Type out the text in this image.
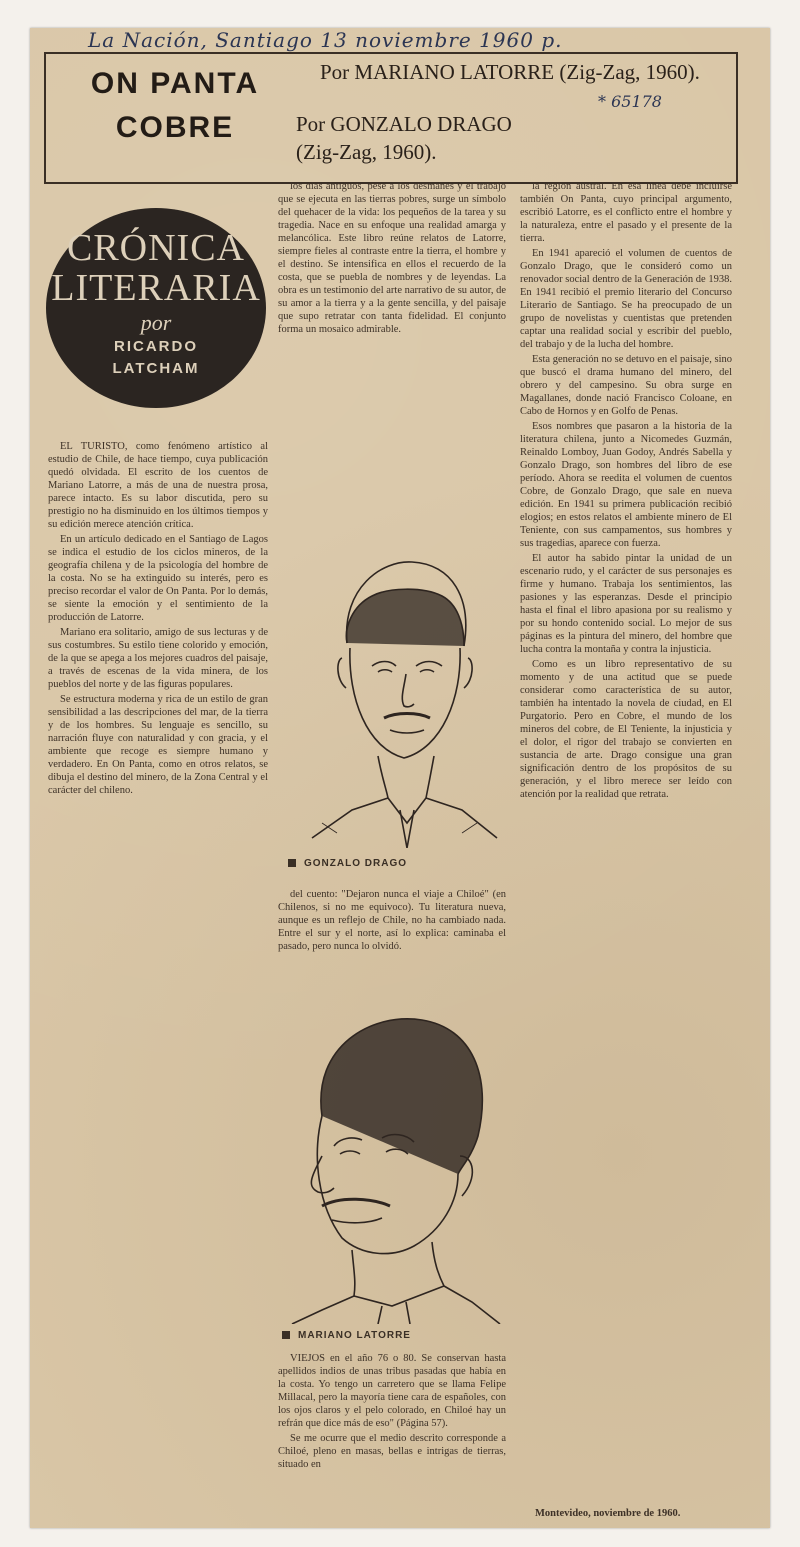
La Nación, Santiago 13 noviembre 1960 p.
* 65178
ON PANTA
COBRE
Por MARIANO LATORRE (Zig-Zag, 1960).
Por GONZALO DRAGO (Zig-Zag, 1960).
CRÓNICA
LITERARIA
por
RICARDO
LATCHAM

EL TURISTO, como fenómeno artístico al estudio de Chile, de hace tiempo, cuya publicación quedó olvidada. El escrito de los cuentos de Mariano Latorre, a más de una de nuestra prosa, parece intacto. Es su labor discutida, pero su prestigio no ha disminuido en los últimos tiempos y su edición merece atención crítica.

En un artículo dedicado en el Santiago de Lagos se indica el estudio de los ciclos mineros, de la geografía chilena y de la psicología del hombre de la costa. No se ha extinguido su interés, pero es preciso recordar el valor de On Panta. Por lo demás, se siente la emoción y el sentimiento de la producción de Latorre.

Mariano era solitario, amigo de sus lecturas y de sus costumbres. Su estilo tiene colorido y emoción, de la que se apega a los mejores cuadros del paisaje, a través de escenas de la vida minera, de los pueblos del norte y de las figuras populares.

Se estructura moderna y rica de un estilo de gran sensibilidad a las descripciones del mar, de la tierra y de los hombres. Su lenguaje es sencillo, su narración fluye con naturalidad y con gracia, y el ambiente que recoge es siempre humano y verdadero. En On Panta, como en otros relatos, se dibuja el destino del minero, de la Zona Central y el carácter del chileno.

los días antiguos, pese a los desmanes y el trabajo que se ejecuta en las tierras pobres, surge un símbolo del quehacer de la vida: los pequeños de la tarea y su tragedia. Nace en su enfoque una realidad amarga y melancólica. Este libro reúne relatos de Latorre, siempre fieles al contraste entre la tierra, el hombre y el destino. Se intensifica en ellos el recuerdo de la costa, que se puebla de nombres y de leyendas. La obra es un testimonio del arte narrativo de su autor, de su amor a la tierra y a la gente sencilla, y del paisaje que supo retratar con tanta fidelidad. El conjunto forma un mosaico admirable.

GONZALO DRAGO

del cuento: "Dejaron nunca el viaje a Chiloé" (en Chilenos, si no me equivoco). Tu literatura nueva, aunque es un reflejo de Chile, no ha cambiado nada. Entre el sur y el norte, así lo explica: caminaba el pasado, pero nunca lo olvidó.

MARIANO LATORRE

VIEJOS en el año 76 o 80. Se conservan hasta apellidos indios de unas tribus pasadas que había en la costa. Yo tengo un carretero que se llama Felipe Millacal, pero la mayoría tiene cara de españoles, con los ojos claros y el pelo colorado, en Chiloé hay un refrán que dice más de eso" (Página 57).

Se me ocurre que el medio descrito corresponde a Chiloé, pleno en masas, bellas e intrigas de tierras, situado en

la región austral. En esa línea debe incluirse también On Panta, cuyo principal argumento, escribió Latorre, es el conflicto entre el hombre y la naturaleza, entre el pasado y el presente de la tierra.

En 1941 apareció el volumen de cuentos de Gonzalo Drago, que le consideró como un renovador social dentro de la Generación de 1938. En 1941 recibió el premio literario del Concurso Literario de Santiago. Se ha preocupado de un grupo de novelistas y cuentistas que pretenden captar una realidad social y escribir del pueblo, del trabajo y de la lucha del hombre.

Esta generación no se detuvo en el paisaje, sino que buscó el drama humano del minero, del obrero y del campesino. Su obra surge en Magallanes, donde nació Francisco Coloane, en Cabo de Hornos y en Golfo de Penas.

Esos nombres que pasaron a la historia de la literatura chilena, junto a Nicomedes Guzmán, Reinaldo Lomboy, Juan Godoy, Andrés Sabella y Gonzalo Drago, son hombres del libro de ese período. Ahora se reedita el volumen de cuentos Cobre, de Gonzalo Drago, que sale en nueva edición. En 1941 su primera publicación recibió elogios; en estos relatos el ambiente minero de El Teniente, con sus campamentos, sus hombres y sus tragedias, aparece con fuerza.

El autor ha sabido pintar la unidad de un escenario rudo, y el carácter de sus personajes es firme y humano. Trabaja los sentimientos, las pasiones y las esperanzas. Desde el principio hasta el final el libro apasiona por su realismo y por su hondo contenido social. Lo mejor de sus páginas es la pintura del minero, del hombre que lucha contra la montaña y contra la injusticia.

Como es un libro representativo de su momento y de una actitud que se puede considerar como característica de su autor, también ha intentado la novela de ciudad, en El Purgatorio. Pero en Cobre, el mundo de los mineros del cobre, de El Teniente, la injusticia y el dolor, el rigor del trabajo se convierten en sustancia de arte. Drago consigue una gran significación dentro de los propósitos de su generación, y el libro merece ser leído con atención por la realidad que retrata.

Montevideo, noviembre de 1960.
